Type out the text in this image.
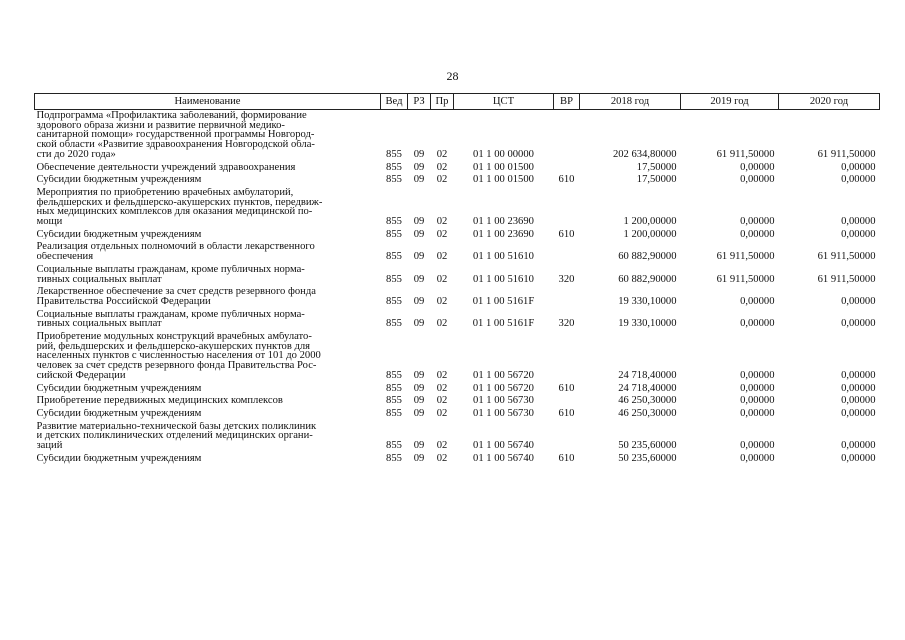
28
Наименование	Вед	РЗ	Пр	ЦСТ	ВР	2018 год	2019 год	2020 год

Подпрограмма «Профилактика заболеваний, формирование
здорового образа жизни и развитие первичной медико-
санитарной помощи» государственной программы Новгород-
ской области «Развитие здравоохранения Новгородской обла-
сти до 2020 года»	855	09	02	01 1 00 00000		202 634,80000	61 911,50000	61 911,50000

Обеспечение деятельности учреждений здравоохранения	855	09	02	01 1 00 01500		17,50000	0,00000	0,00000

Субсидии бюджетным учреждениям	855	09	02	01 1 00 01500	610	17,50000	0,00000	0,00000

Мероприятия по приобретению врачебных амбулаторий,
фельдшерских и фельдшерско-акушерских пунктов, передвиж-
ных медицинских комплексов для оказания медицинской по-
мощи	855	09	02	01 1 00 23690		1 200,00000	0,00000	0,00000

Субсидии бюджетным учреждениям	855	09	02	01 1 00 23690	610	1 200,00000	0,00000	0,00000

Реализация отдельных полномочий в области лекарственного
обеспечения	855	09	02	01 1 00 51610		60 882,90000	61 911,50000	61 911,50000

Социальные выплаты гражданам, кроме публичных норма-
тивных социальных выплат	855	09	02	01 1 00 51610	320	60 882,90000	61 911,50000	61 911,50000

Лекарственное обеспечение за счет средств резервного фонда
Правительства Российской Федерации	855	09	02	01 1 00 5161F		19 330,10000	0,00000	0,00000

Социальные выплаты гражданам, кроме публичных норма-
тивных социальных выплат	855	09	02	01 1 00 5161F	320	19 330,10000	0,00000	0,00000

Приобретение модульных конструкций врачебных амбулато-
рий, фельдшерских и фельдшерско-акушерских пунктов для
населенных пунктов с численностью населения от 101 до 2000
человек за счет средств резервного фонда Правительства Рос-
сийской Федерации	855	09	02	01 1 00 56720		24 718,40000	0,00000	0,00000

Субсидии бюджетным учреждениям	855	09	02	01 1 00 56720	610	24 718,40000	0,00000	0,00000

Приобретение передвижных медицинских комплексов	855	09	02	01 1 00 56730		46 250,30000	0,00000	0,00000

Субсидии бюджетным учреждениям	855	09	02	01 1 00 56730	610	46 250,30000	0,00000	0,00000

Развитие материально-технической базы детских поликлиник
и детских поликлинических отделений медицинских органи-
заций	855	09	02	01 1 00 56740		50 235,60000	0,00000	0,00000

Субсидии бюджетным учреждениям	855	09	02	01 1 00 56740	610	50 235,60000	0,00000	0,00000
